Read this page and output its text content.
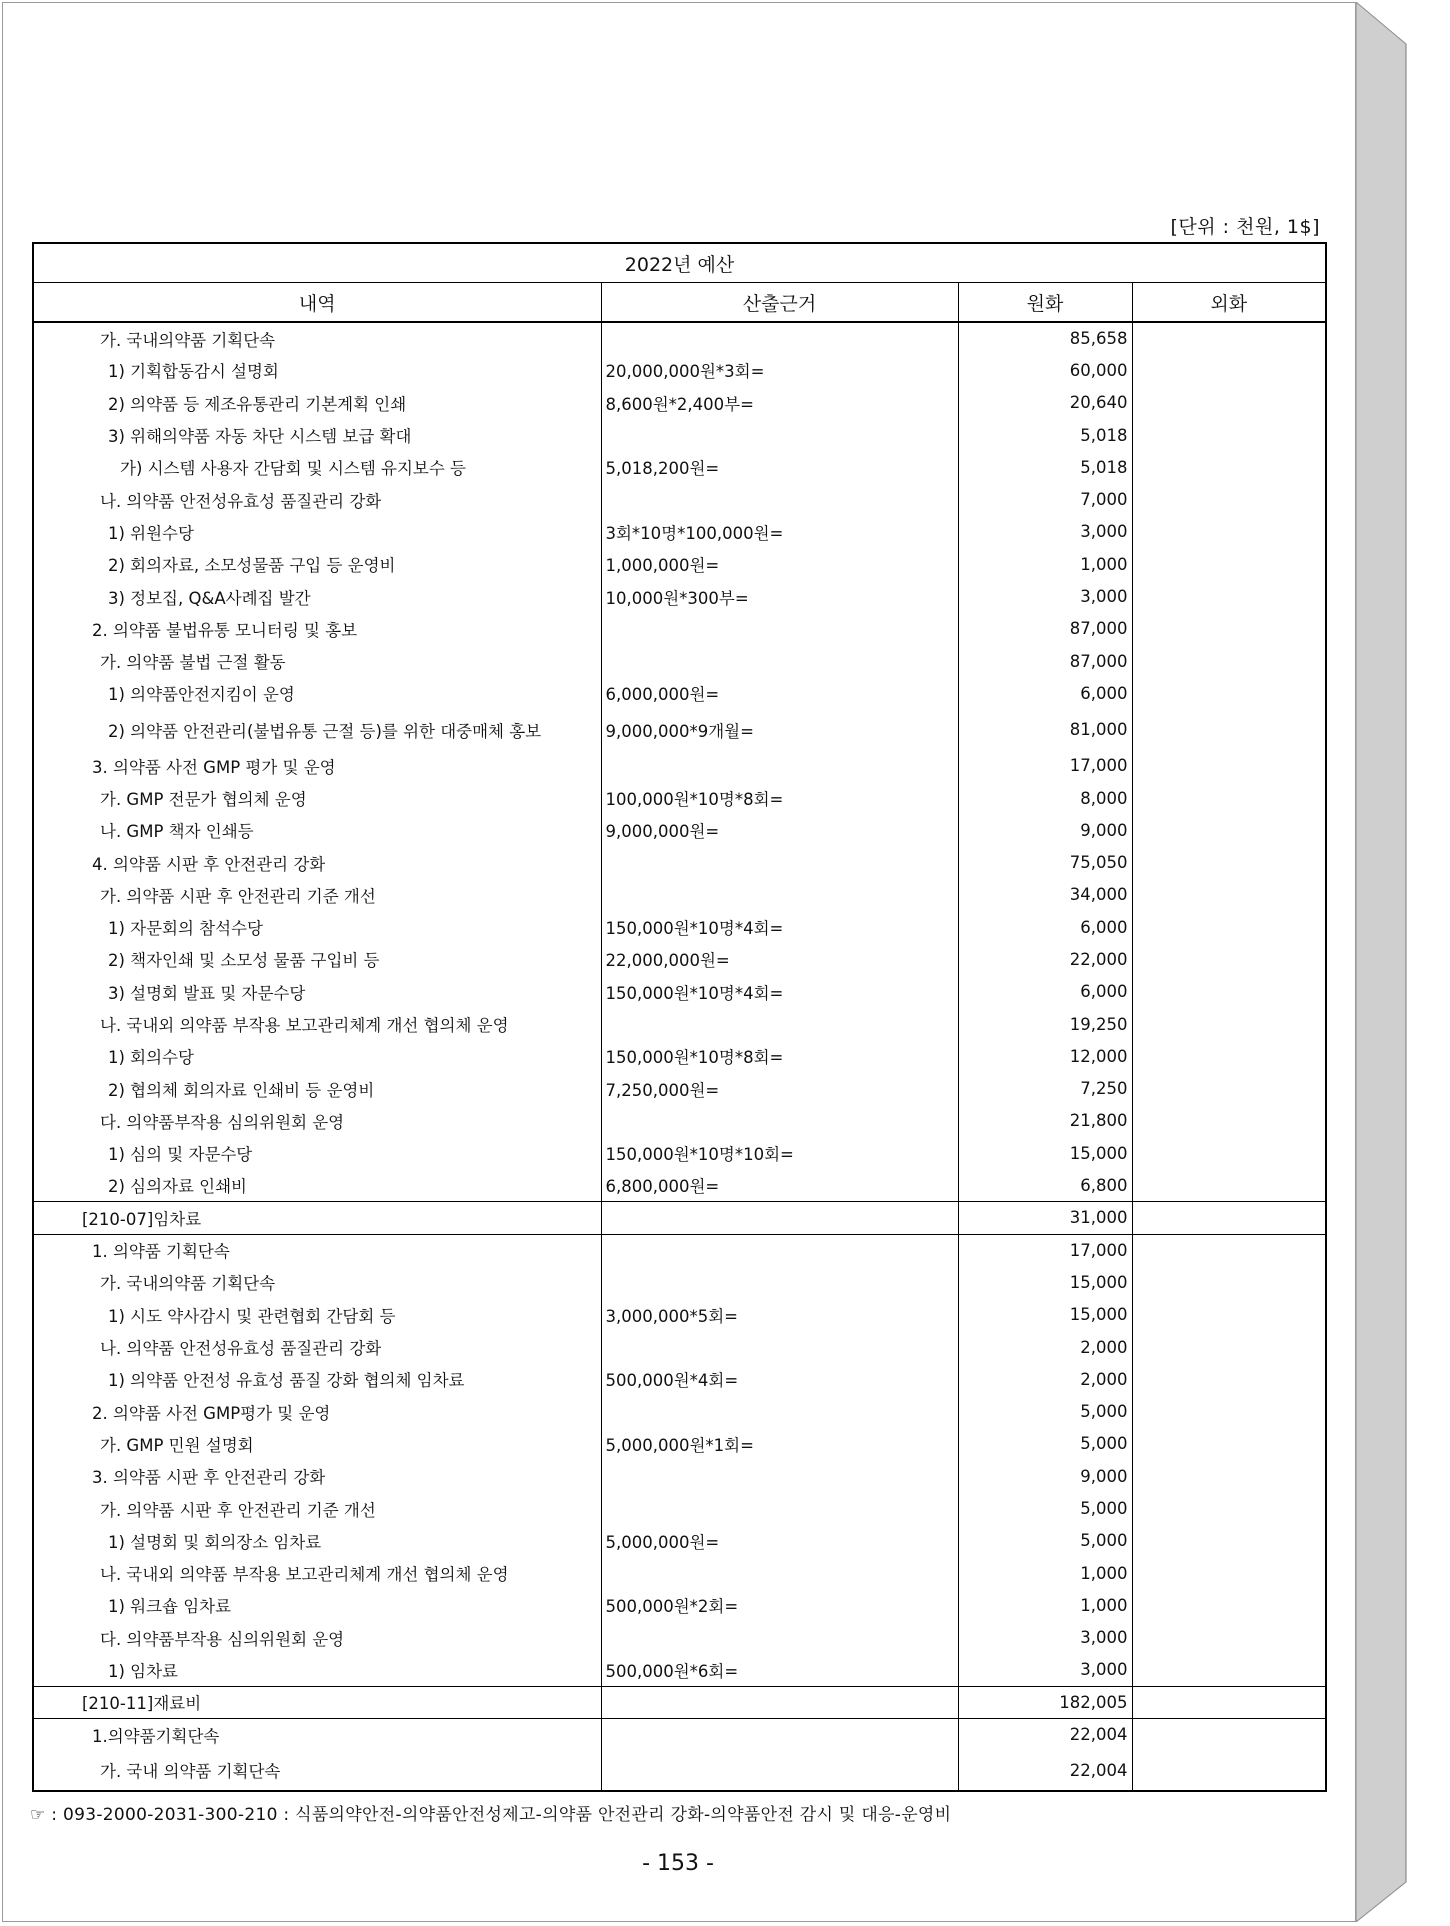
[단위 : 천원, 1$]
2022년 예산			
내역	산출근거	원화	외화
가. 국내의약품 기획단속		85,658	
1) 기획합동감시 설명회	20,000,000원*3회=	60,000	
2) 의약품 등 제조유통관리 기본계획 인쇄	8,600원*2,400부=	20,640	
3) 위해의약품 자동 차단 시스템 보급 확대		5,018	
가) 시스템 사용자 간담회 및 시스템 유지보수 등	5,018,200원=	5,018	
나. 의약품 안전성유효성 품질관리 강화		7,000	
1) 위원수당	3회*10명*100,000원=	3,000	
2) 회의자료, 소모성물품 구입 등 운영비	1,000,000원=	1,000	
3) 정보집, Q&A사례집 발간	10,000원*300부=	3,000	
2. 의약품 불법유통 모니터링 및 홍보		87,000	
가. 의약품 불법 근절 활동		87,000	
1) 의약품안전지킴이 운영	6,000,000원=	6,000	
2) 의약품 안전관리(불법유통 근절 등)를 위한 대중매체 홍보	9,000,000*9개월=	81,000	
3. 의약품 사전 GMP 평가 및 운영		17,000	
가. GMP 전문가 협의체 운영	100,000원*10명*8회=	8,000	
나. GMP 책자 인쇄등	9,000,000원=	9,000	
4. 의약품 시판 후 안전관리 강화		75,050	
가. 의약품 시판 후 안전관리 기준 개선		34,000	
1) 자문회의 참석수당	150,000원*10명*4회=	6,000	
2) 책자인쇄 및 소모성 물품 구입비 등	22,000,000원=	22,000	
3) 설명회 발표 및 자문수당	150,000원*10명*4회=	6,000	
나. 국내외 의약품 부작용 보고관리체계 개선 협의체 운영		19,250	
1) 회의수당	150,000원*10명*8회=	12,000	
2) 협의체 회의자료 인쇄비 등 운영비	7,250,000원=	7,250	
다. 의약품부작용 심의위원회 운영		21,800	
1) 심의 및 자문수당	150,000원*10명*10회=	15,000	
2) 심의자료 인쇄비	6,800,000원=	6,800	
[210-07]임차료		31,000	
1. 의약품 기획단속		17,000	
가. 국내의약품 기획단속		15,000	
1) 시도 약사감시 및 관련협회 간담회 등	3,000,000*5회=	15,000	
나. 의약품 안전성유효성 품질관리 강화		2,000	
1) 의약품 안전성 유효성 품질 강화 협의체 임차료	500,000원*4회=	2,000	
2. 의약품 사전 GMP평가 및 운영		5,000	
가. GMP 민원 설명회	5,000,000원*1회=	5,000	
3. 의약품 시판 후 안전관리 강화		9,000	
가. 의약품 시판 후 안전관리 기준 개선		5,000	
1) 설명회 및 회의장소 임차료	5,000,000원=	5,000	
나. 국내외 의약품 부작용 보고관리체계 개선 협의체 운영		1,000	
1) 워크숍 임차료	500,000원*2회=	1,000	
다. 의약품부작용 심의위원회 운영		3,000	
1) 임차료	500,000원*6회=	3,000	
[210-11]재료비		182,005	
1.의약품기획단속		22,004	
가. 국내 의약품 기획단속		22,004	
☞ : 093-2000-2031-300-210 : 식품의약안전-의약품안전성제고-의약품 안전관리 강화-의약품안전 감시 및 대응-운영비
- 153 -
